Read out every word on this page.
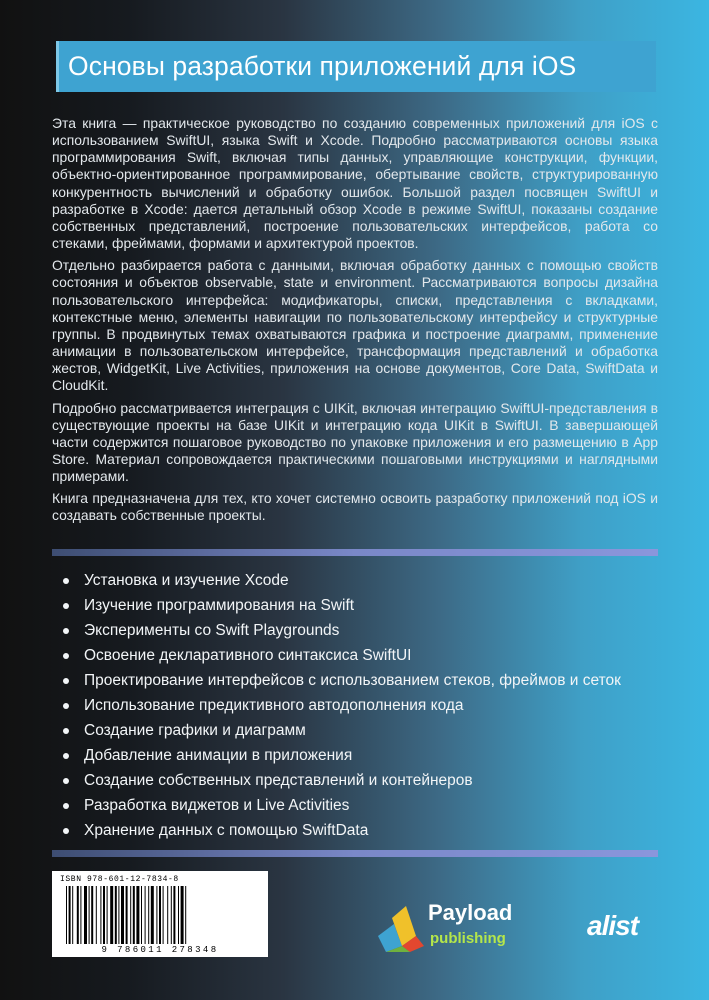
Основы разработки приложений для iOS

Эта книга — практическое руководство по созданию современных приложений для iOS с использованием SwiftUI, языка Swift и Xcode. Подробно рассматриваются основы языка программирования Swift, включая типы данных, управляющие конструкции, функции, объектно-ориентированное программирование, обертывание свойств, структурированную конкурентность вычислений и обработку ошибок. Большой раздел посвящен SwiftUI и разработке в Xcode: дается детальный обзор Xcode в режиме SwiftUI, показаны создание собственных представлений, построение пользовательских интерфейсов, работа со стеками, фреймами, формами и архитектурой проектов.

Отдельно разбирается работа с данными, включая обработку данных с помощью свойств состояния и объектов observable, state и environment. Рассматриваются вопросы дизайна пользовательского интерфейса: модификаторы, списки, представления с вкладками, контекстные меню, элементы навигации по пользовательскому интерфейсу и структурные группы. В продвинутых темах охватываются графика и построение диаграмм, применение анимации в пользовательском интерфейсе, трансформация представлений и обработка жестов, WidgetKit, Live Activities, приложения на основе документов, Core Data, SwiftData и CloudKit.

Подробно рассматривается интеграция с UIKit, включая интеграцию SwiftUI-представления в существующие проекты на базе UIKit и интеграцию кода UIKit в SwiftUI. В завершающей части содержится пошаговое руководство по упаковке приложения и его размещению в App Store. Материал сопровождается практическими пошаговыми инструкциями и наглядными примерами.

Книга предназначена для тех, кто хочет системно освоить разработку приложений под iOS и создавать собственные проекты.

Установка и изучение Xcode
Изучение программирования на Swift
Эксперименты со Swift Playgrounds
Освоение декларативного синтаксиса SwiftUI
Проектирование интерфейсов с использованием стеков, фреймов и сеток
Использование предиктивного автодополнения кода
Создание графики и диаграмм
Добавление анимации в приложения
Создание собственных представлений и контейнеров
Разработка виджетов и Live Activities
Хранение данных с помощью SwiftData
ISBN 978-601-12-7834-8
9 786011 278348
Payload
publishing	alist
